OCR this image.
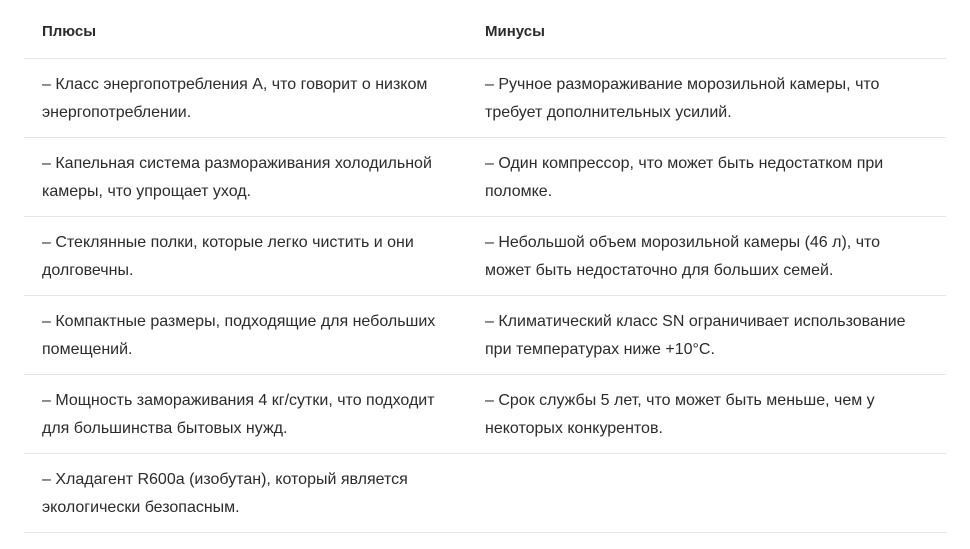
Плюсы	Минусы
– Класс энергопотребления А, что говорит о низком энергопотреблении.
– Ручное размораживание морозильной камеры, что требует дополнительных усилий.
– Капельная система размораживания холодильной камеры, что упрощает уход.
– Один компрессор, что может быть недостатком при поломке.
– Стеклянные полки, которые легко чистить и они долговечны.
– Небольшой объем морозильной камеры (46 л), что может быть недостаточно для больших семей.
– Компактные размеры, подходящие для небольших помещений.
– Климатический класс SN ограничивает использование при температурах ниже +10°С.
– Мощность замораживания 4 кг/сутки, что подходит для большинства бытовых нужд.
– Срок службы 5 лет, что может быть меньше, чем у некоторых конкурентов.
– Хладагент R600a (изобутан), который является экологически безопасным.
